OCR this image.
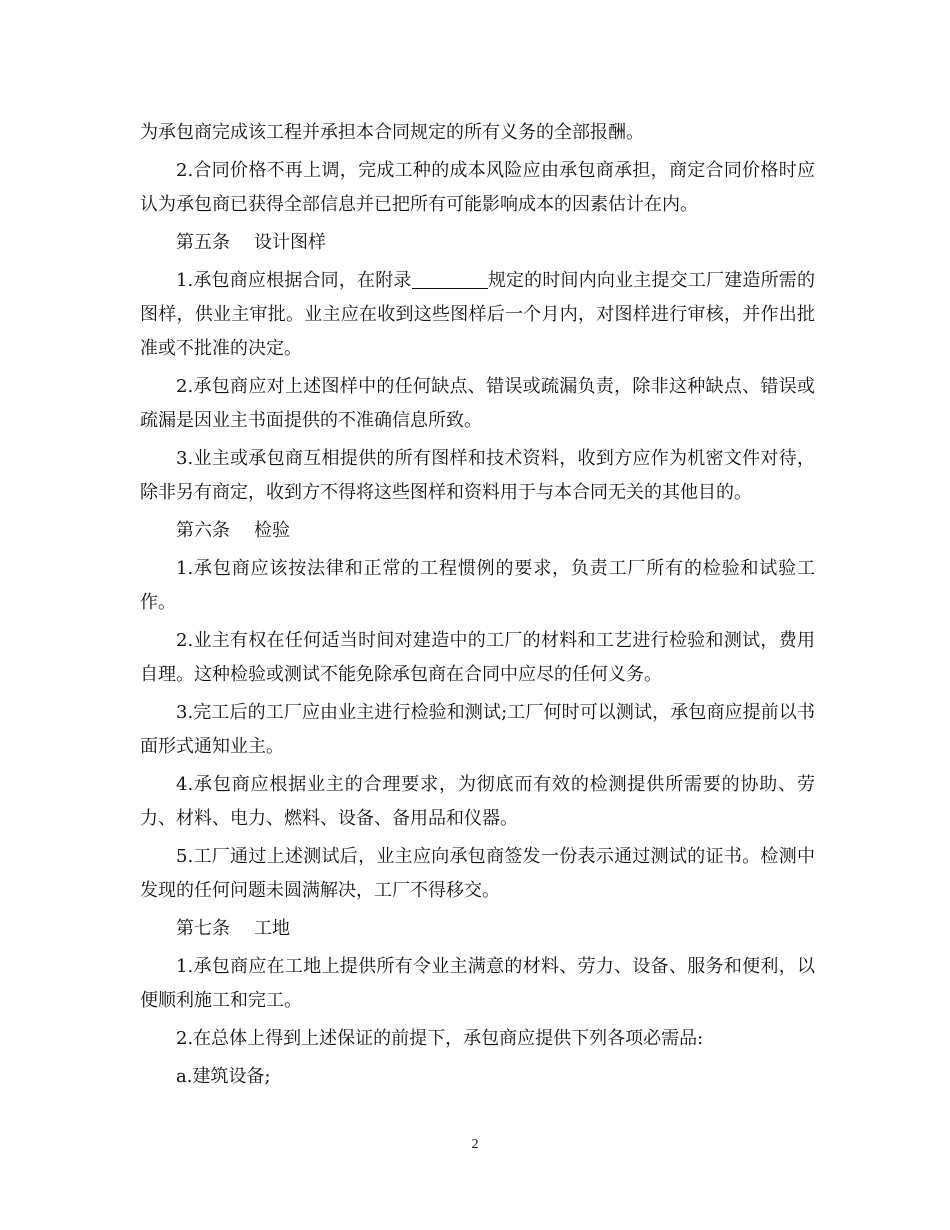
为承包商完成该工程并承担本合同规定的所有义务的全部报酬。

2.合同价格不再上调，完成工种的成本风险应由承包商承担，商定合同价格时应认为承包商已获得全部信息并已把所有可能影响成本的因素估计在内。

第五条 设计图样

1.承包商应根据合同，在附录	规定的时间内向业主提交工厂建造所需的图样，供业主审批。业主应在收到这些图样后一个月内，对图样进行审核，并作出批准或不批准的决定。

2.承包商应对上述图样中的任何缺点、错误或疏漏负责，除非这种缺点、错误或疏漏是因业主书面提供的不准确信息所致。

3.业主或承包商互相提供的所有图样和技术资料，收到方应作为机密文件对待，除非另有商定，收到方不得将这些图样和资料用于与本合同无关的其他目的。

第六条 检验

1.承包商应该按法律和正常的工程惯例的要求，负责工厂所有的检验和试验工作。

2.业主有权在任何适当时间对建造中的工厂的材料和工艺进行检验和测试，费用自理。这种检验或测试不能免除承包商在合同中应尽的任何义务。

3.完工后的工厂应由业主进行检验和测试;工厂何时可以测试，承包商应提前以书面形式通知业主。

4.承包商应根据业主的合理要求，为彻底而有效的检测提供所需要的协助、劳力、材料、电力、燃料、设备、备用品和仪器。

5.工厂通过上述测试后，业主应向承包商签发一份表示通过测试的证书。检测中发现的任何问题未圆满解决，工厂不得移交。

第七条 工地

1.承包商应在工地上提供所有令业主满意的材料、劳力、设备、服务和便利，以便顺利施工和完工。

2.在总体上得到上述保证的前提下，承包商应提供下列各项必需品:

a.建筑设备;

2
